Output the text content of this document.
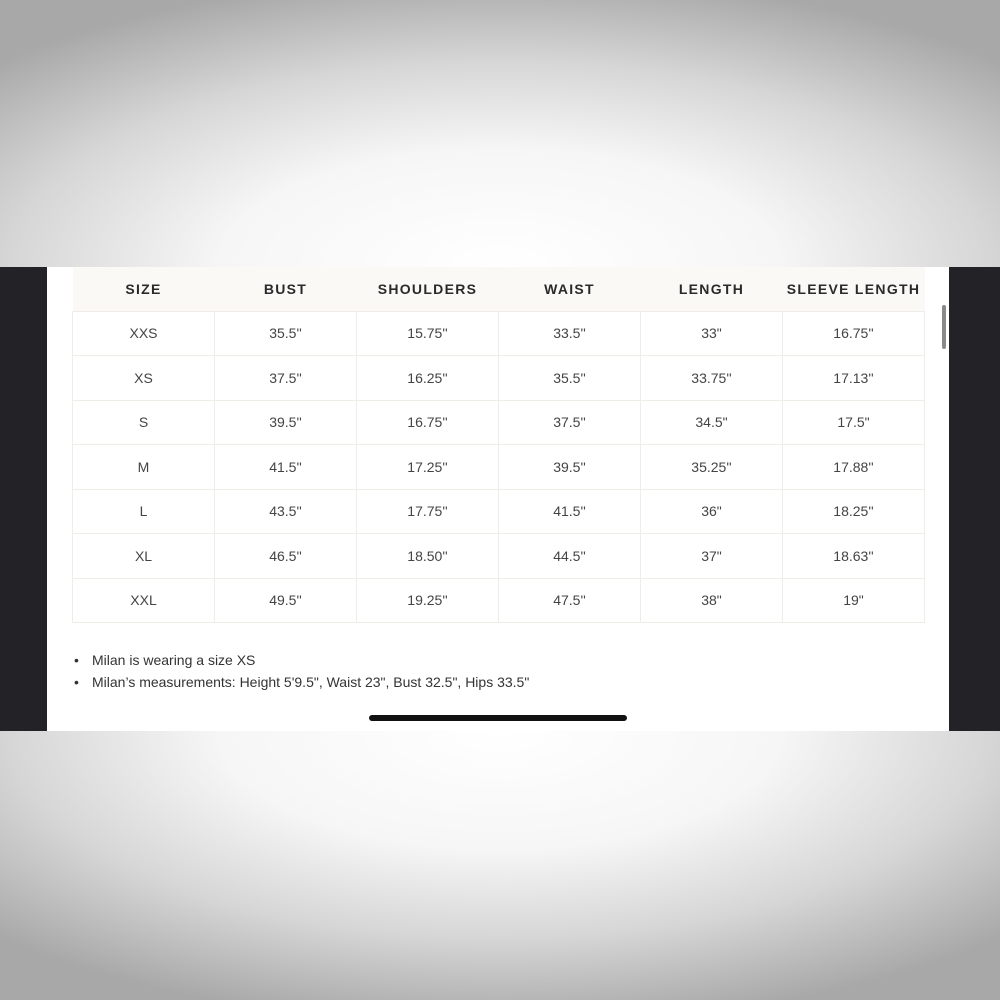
SIZE	BUST	SHOULDERS	WAIST	LENGTH	SLEEVE LENGTH
XXS	35.5''	15.75''	33.5''	33"	16.75''
XS	37.5''	16.25''	35.5''	33.75''	17.13''
S	39.5''	16.75''	37.5''	34.5"	17.5"
M	41.5''	17.25''	39.5''	35.25''	17.88''
L	43.5''	17.75''	41.5''	36"	18.25''
XL	46.5''	18.50''	44.5''	37"	18.63''
XXL	49.5''	19.25''	47.5''	38"	19"
• Milan is wearing a size XS
• Milan’s measurements: Height 5'9.5", Waist 23", Bust 32.5", Hips 33.5"
